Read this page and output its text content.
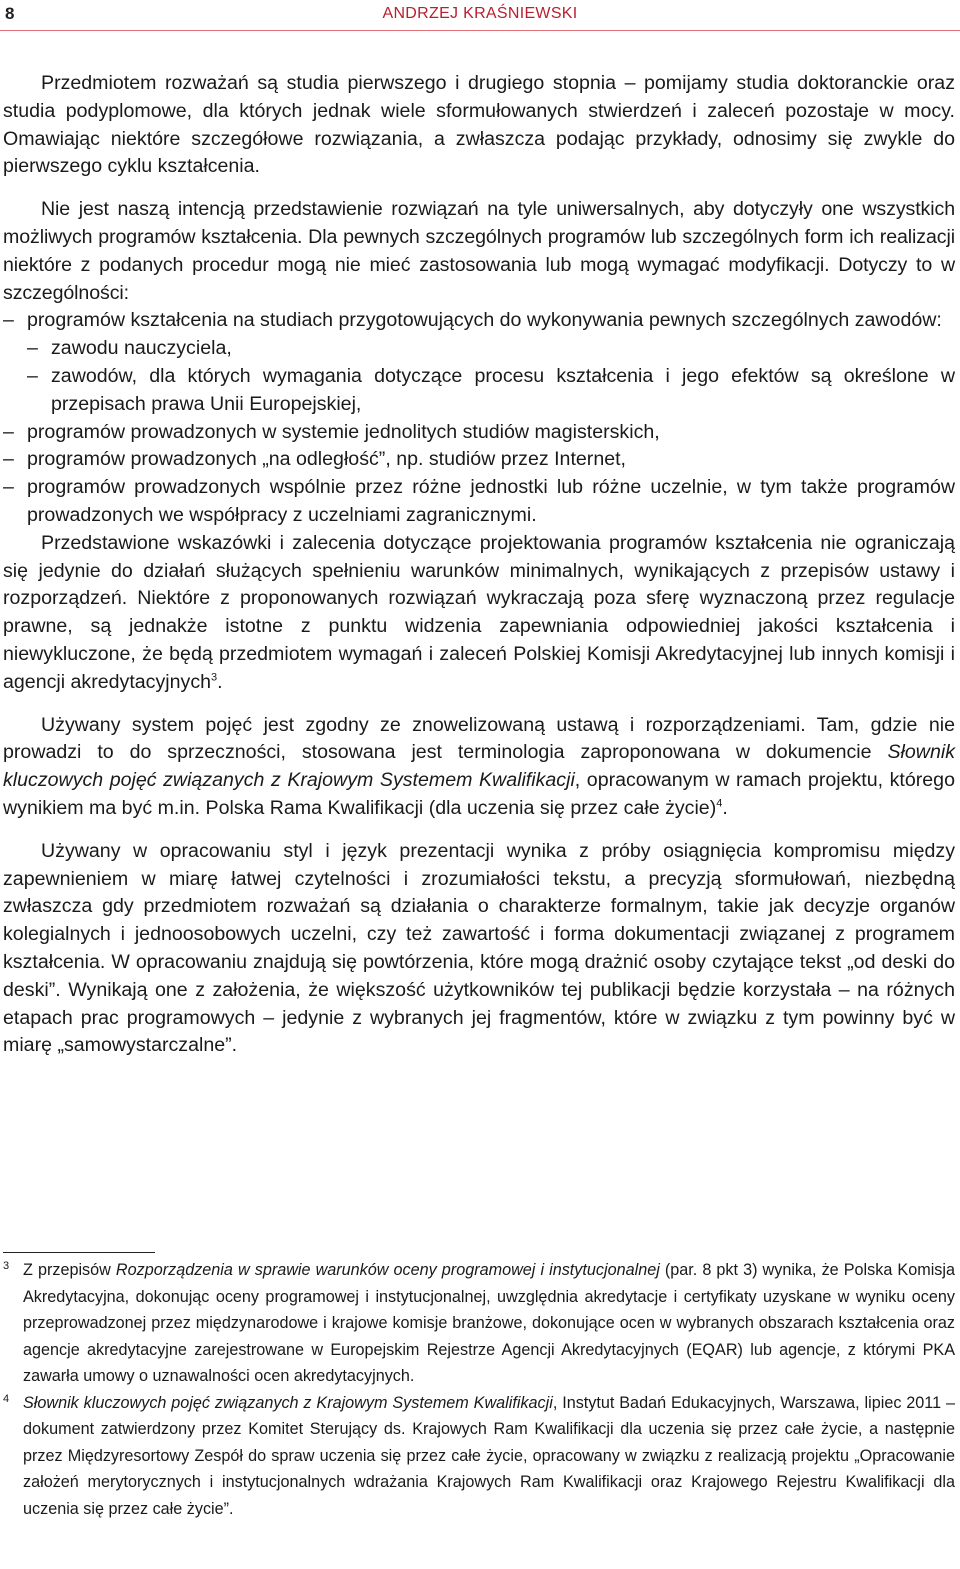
8	ANDRZEJ KRAŚNIEWSKI

Przedmiotem rozważań są studia pierwszego i drugiego stopnia – pomijamy studia doktoranckie oraz studia podyplomowe, dla których jednak wiele sformułowanych stwierdzeń i zaleceń pozostaje w mocy. Omawiając niektóre szczegółowe rozwiązania, a zwłaszcza podając przykłady, odnosimy się zwykle do pierwszego cyklu kształcenia.

Nie jest naszą intencją przedstawienie rozwiązań na tyle uniwersalnych, aby dotyczyły one wszystkich możliwych programów kształcenia. Dla pewnych szczególnych programów lub szczególnych form ich realizacji niektóre z podanych procedur mogą nie mieć zastosowania lub mogą wymagać modyfikacji. Dotyczy to w szczególności:

– programów kształcenia na studiach przygotowujących do wykonywania pewnych szczególnych zawodów:
– zawodu nauczyciela,
– zawodów, dla których wymagania dotyczące procesu kształcenia i jego efektów są określone w przepisach prawa Unii Europejskiej,
– programów prowadzonych w systemie jednolitych studiów magisterskich,
– programów prowadzonych „na odległość”, np. studiów przez Internet,
– programów prowadzonych wspólnie przez różne jednostki lub różne uczelnie, w tym także programów prowadzonych we współpracy z uczelniami zagranicznymi.

Przedstawione wskazówki i zalecenia dotyczące projektowania programów kształcenia nie ograniczają się jedynie do działań służących spełnieniu warunków minimalnych, wynikających z przepisów ustawy i rozporządzeń. Niektóre z proponowanych rozwiązań wykraczają poza sferę wyznaczoną przez regulacje prawne, są jednakże istotne z punktu widzenia zapewniania odpowiedniej jakości kształcenia i niewykluczone, że będą przedmiotem wymagań i zaleceń Polskiej Komisji Akredytacyjnej lub innych komisji i agencji akredytacyjnych$^3$.

Używany system pojęć jest zgodny ze znowelizowaną ustawą i rozporządzeniami. Tam, gdzie nie prowadzi to do sprzeczności, stosowana jest terminologia zaproponowana w dokumencie Słownik kluczowych pojęć związanych z Krajowym Systemem Kwalifikacji, opracowanym w ramach projektu, którego wynikiem ma być m.in. Polska Rama Kwalifikacji (dla uczenia się przez całe życie)$^4$.

Używany w opracowaniu styl i język prezentacji wynika z próby osiągnięcia kompromisu między zapewnieniem w miarę łatwej czytelności i zrozumiałości tekstu, a precyzją sformułowań, niezbędną zwłaszcza gdy przedmiotem rozważań są działania o charakterze formalnym, takie jak decyzje organów kolegialnych i jednoosobowych uczelni, czy też zawartość i forma dokumentacji związanej z programem kształcenia. W opracowaniu znajdują się powtórzenia, które mogą drażnić osoby czytające tekst „od deski do deski”. Wynikają one z założenia, że większość użytkowników tej publikacji będzie korzystała – na różnych etapach prac programowych – jedynie z wybranych jej fragmentów, które w związku z tym powinny być w miarę „samowystarczalne”.

3 Z przepisów Rozporządzenia w sprawie warunków oceny programowej i instytucjonalnej (par. 8 pkt 3) wynika, że Polska Komisja Akredytacyjna, dokonując oceny programowej i instytucjonalnej, uwzględnia akredytacje i certyfikaty uzyskane w wyniku oceny przeprowadzonej przez międzynarodowe i krajowe komisje branżowe, dokonujące ocen w wybranych obszarach kształcenia oraz agencje akredytacyjne zarejestrowane w Europejskim Rejestrze Agencji Akredytacyjnych (EQAR) lub agencje, z którymi PKA zawarła umowy o uznawalności ocen akredytacyjnych.
4 Słownik kluczowych pojęć związanych z Krajowym Systemem Kwalifikacji, Instytut Badań Edukacyjnych, Warszawa, lipiec 2011 – dokument zatwierdzony przez Komitet Sterujący ds. Krajowych Ram Kwalifikacji dla uczenia się przez całe życie, a następnie przez Międzyresortowy Zespół do spraw uczenia się przez całe życie, opracowany w związku z realizacją projektu „Opracowanie założeń merytorycznych i instytucjonalnych wdrażania Krajowych Ram Kwalifikacji oraz Krajowego Rejestru Kwalifikacji dla uczenia się przez całe życie”.
